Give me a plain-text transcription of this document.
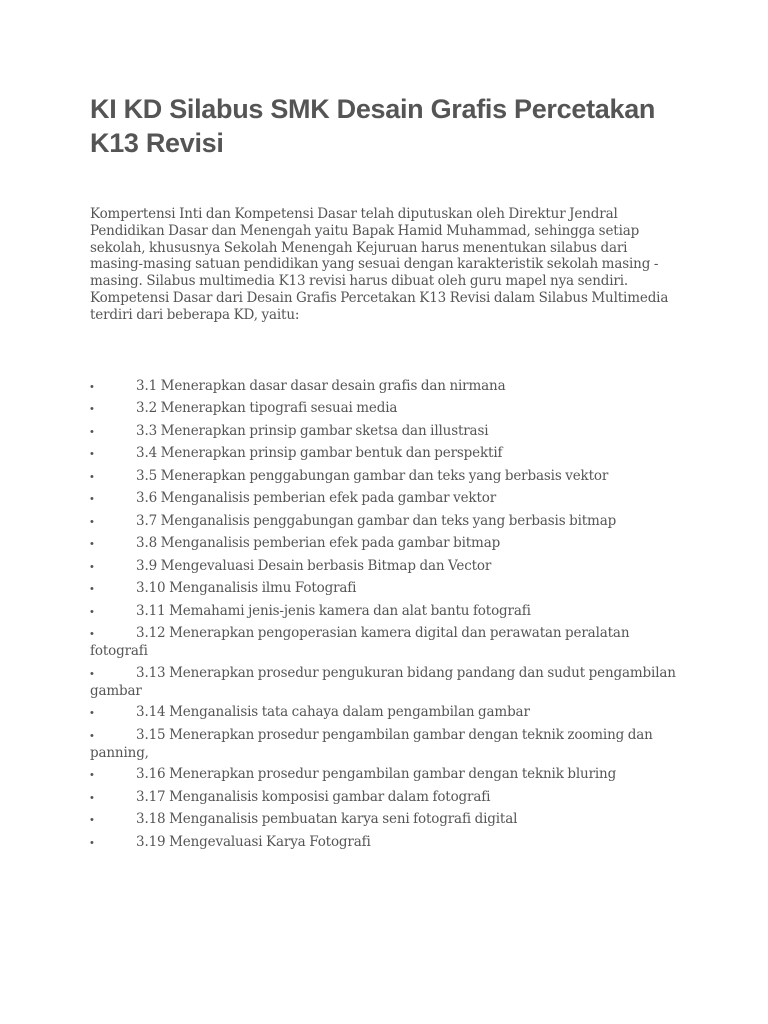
KI KD Silabus SMK Desain Grafis Percetakan K13 Revisi

Kompertensi Inti dan Kompetensi Dasar telah diputuskan oleh Direktur Jendral Pendidikan Dasar dan Menengah yaitu Bapak Hamid Muhammad, sehingga setiap sekolah, khususnya Sekolah Menengah Kejuruan harus menentukan silabus dari masing-masing satuan pendidikan yang sesuai dengan karakteristik sekolah masing - masing. Silabus multimedia K13 revisi harus dibuat oleh guru mapel nya sendiri. Kompetensi Dasar dari Desain Grafis Percetakan K13 Revisi dalam Silabus Multimedia terdiri dari beberapa KD, yaitu:

•	3.1 Menerapkan dasar dasar desain grafis dan nirmana
•	3.2 Menerapkan tipografi sesuai media
•	3.3 Menerapkan prinsip gambar sketsa dan illustrasi
•	3.4 Menerapkan prinsip gambar bentuk dan perspektif
•	3.5 Menerapkan penggabungan gambar dan teks yang berbasis vektor
•	3.6 Menganalisis pemberian efek pada gambar vektor
•	3.7 Menganalisis penggabungan gambar dan teks yang berbasis bitmap
•	3.8 Menganalisis pemberian efek pada gambar bitmap
•	3.9 Mengevaluasi Desain berbasis Bitmap dan Vector
•	3.10 Menganalisis ilmu Fotografi
•	3.11 Memahami jenis-jenis kamera dan alat bantu fotografi
•	3.12 Menerapkan pengoperasian kamera digital dan perawatan peralatan fotografi
•	3.13 Menerapkan prosedur pengukuran bidang pandang dan sudut pengambilan gambar
•	3.14 Menganalisis tata cahaya dalam pengambilan gambar
•	3.15 Menerapkan prosedur pengambilan gambar dengan teknik zooming dan panning,
•	3.16 Menerapkan prosedur pengambilan gambar dengan teknik bluring
•	3.17 Menganalisis komposisi gambar dalam fotografi
•	3.18 Menganalisis pembuatan karya seni fotografi digital
•	3.19 Mengevaluasi Karya Fotografi
